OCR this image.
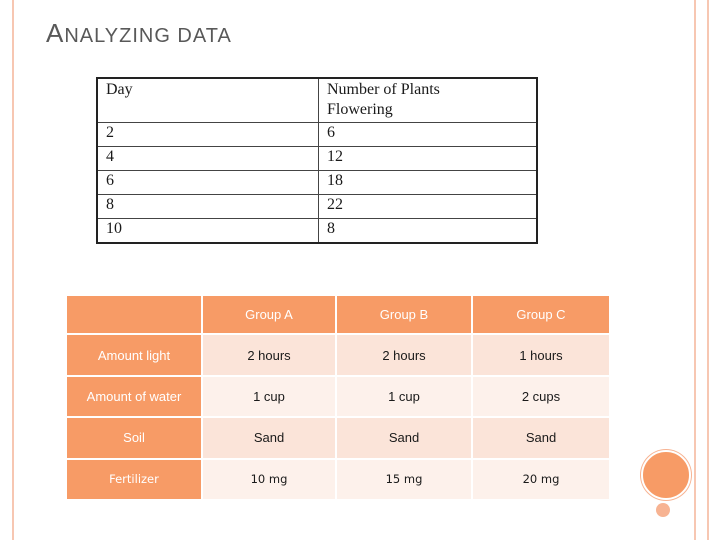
ANALYZING DATA
Day	Number of Plants
Flowering
2	6
4	12
6	18
8	22
10	8
	Group A	Group B	Group C
Amount light	2 hours	2 hours	1 hours
Amount of water	1 cup	1 cup	2 cups
Soil	Sand	Sand	Sand
Fertilizer	10 mg	15 mg	20 mg
